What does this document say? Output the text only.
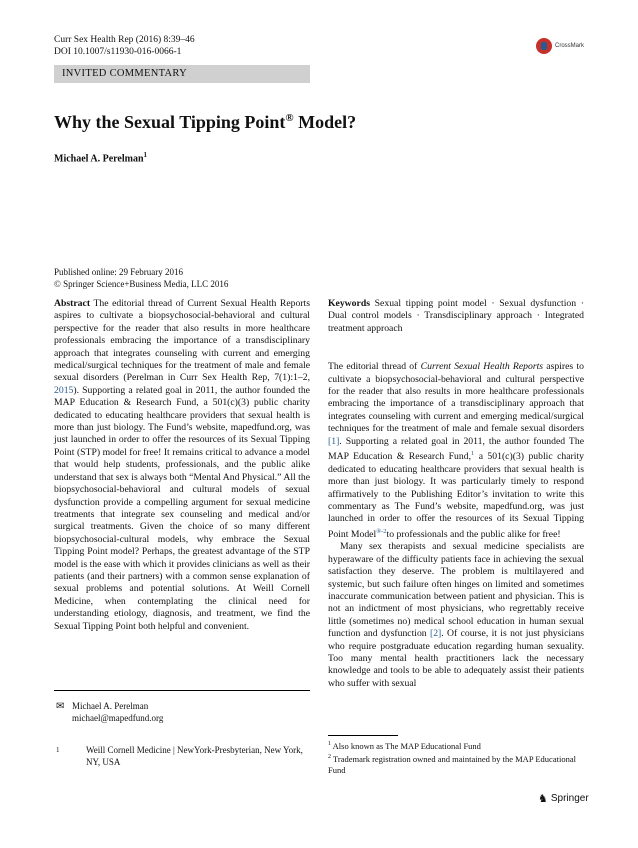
Curr Sex Health Rep (2016) 8:39–46
DOI 10.1007/s11930-016-0066-1
CrossMark
INVITED COMMENTARY
Why the Sexual Tipping Point® Model?
Michael A. Perelman$^1$
Published online: 29 February 2016
© Springer Science+Business Media, LLC 2016

Abstract The editorial thread of Current Sexual Health Reports aspires to cultivate a biopsychosocial-behavioral and cultural perspective for the reader that also results in more healthcare professionals embracing the importance of a transdisciplinary approach that integrates counseling with current and emerging medical/surgical techniques for the treatment of male and female sexual disorders (Perelman in Curr Sex Health Rep, 7(1):1–2, 2015). Supporting a related goal in 2011, the author founded the MAP Education & Research Fund, a 501(c)(3) public charity dedicated to educating healthcare providers that sexual health is more than just biology. The Fund’s website, mapedfund.org, was just launched in order to offer the resources of its Sexual Tipping Point (STP) model for free! It remains critical to advance a model that would help students, professionals, and the public alike understand that sex is always both “Mental And Physical.” All the biopsychosocial-behavioral and cultural models of sexual dysfunction provide a compelling argument for sexual medicine treatments that integrate sex counseling and medical and/or surgical treatments. Given the choice of so many different biopsychosocial-cultural models, why embrace the Sexual Tipping Point model? Perhaps, the greatest advantage of the STP model is the ease with which it provides clinicians as well as their patients (and their partners) with a common sense explanation of sexual problems and potential solutions. At Weill Cornell Medicine, when contemplating the clinical need for understanding etiology, diagnosis, and treatment, we find the Sexual Tipping Point both helpful and convenient.

✉ Michael A. Perelman
michael@mapedfund.org
1	Weill Cornell Medicine | NewYork-Presbyterian, New York, NY, USA

Keywords Sexual tipping point model · Sexual dysfunction · Dual control models · Transdisciplinary approach · Integrated treatment approach

The editorial thread of Current Sexual Health Reports aspires to cultivate a biopsychosocial-behavioral and cultural perspective for the reader that also results in more healthcare professionals embracing the importance of a transdisciplinary approach that integrates counseling with current and emerging medical/surgical techniques for the treatment of male and female sexual disorders [1]. Supporting a related goal in 2011, the author founded The MAP Education & Research Fund,$^1$ a 501(c)(3) public charity dedicated to educating healthcare providers that sexual health is more than just biology. It was particularly timely to respond affirmatively to the Publishing Editor’s invitation to write this commentary as The Fund’s website, mapedfund.org, was just launched in order to offer the resources of its Sexual Tipping Point Model$^{®-2}$to professionals and the public alike for free!

Many sex therapists and sexual medicine specialists are hyperaware of the difficulty patients face in achieving the sexual satisfaction they deserve. The problem is multilayered and systemic, but such failure often hinges on limited and sometimes inaccurate communication between patient and physician. This is not an indictment of most physicians, who regrettably receive little (sometimes no) medical school education in human sexual function and dysfunction [2]. Of course, it is not just physicians who require postgraduate education regarding human sexuality. Too many mental health practitioners lack the necessary knowledge and tools to be able to adequately assist their patients who suffer with sexual

$^1$ Also known as The MAP Educational Fund
$^2$ Trademark registration owned and maintained by the MAP Educational Fund
♞ Springer
